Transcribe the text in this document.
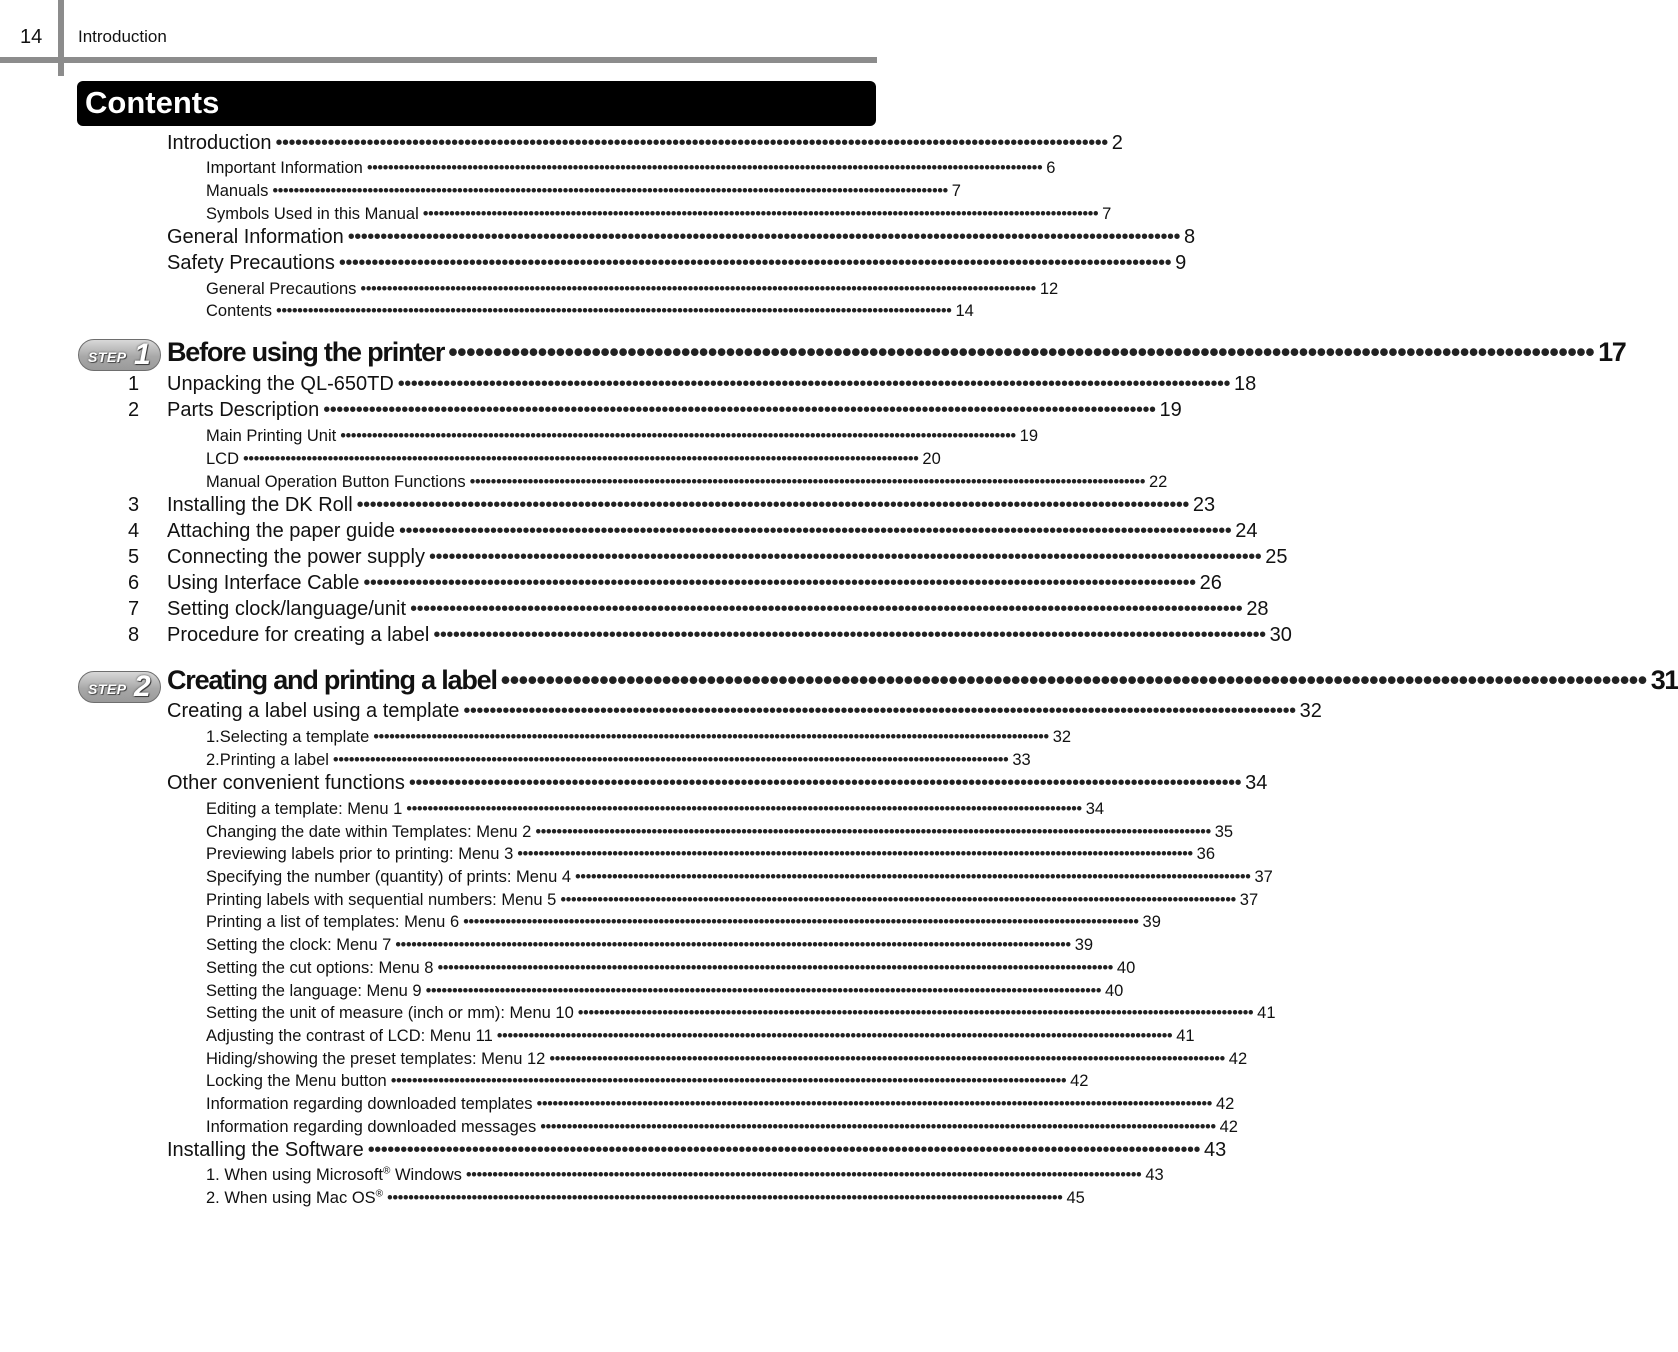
14 Introduction
Contents
Introduction •••••••••••••••••••••••••••••••••••••••••••••••••••••••••••••••••••••••••••••••••••••••••••••••••••••••••••••••••••••••••••••••• 2
Important Information •••••••••••••••••••••••••••••••••••••••••••••••••••••••••••••••••••••••••••••••••••••••••••••••••••••••••••••••••••••••••••••••• 6
Manuals •••••••••••••••••••••••••••••••••••••••••••••••••••••••••••••••••••••••••••••••••••••••••••••••••••••••••••••••••••••••••••••••• 7
Symbols Used in this Manual •••••••••••••••••••••••••••••••••••••••••••••••••••••••••••••••••••••••••••••••••••••••••••••••••••••••••••••••••••••••••••••••• 7
General Information •••••••••••••••••••••••••••••••••••••••••••••••••••••••••••••••••••••••••••••••••••••••••••••••••••••••••••••••••••••••••••••••• 8
Safety Precautions •••••••••••••••••••••••••••••••••••••••••••••••••••••••••••••••••••••••••••••••••••••••••••••••••••••••••••••••••••••••••••••••• 9
General Precautions •••••••••••••••••••••••••••••••••••••••••••••••••••••••••••••••••••••••••••••••••••••••••••••••••••••••••••••••••••••••••••••••• 12
Contents •••••••••••••••••••••••••••••••••••••••••••••••••••••••••••••••••••••••••••••••••••••••••••••••••••••••••••••••••••••••••••••••• 14
STEP 1 Before using the printer •••••••••••••••••••••••••••••••••••••••••••••••••••••••••••••••••••••••••••••••••••••••••••••••••••••••••••••••••••••••••••••••• 17
1 Unpacking the QL-650TD •••••••••••••••••••••••••••••••••••••••••••••••••••••••••••••••••••••••••••••••••••••••••••••••••••••••••••••••••••••••••••••••• 18
2 Parts Description •••••••••••••••••••••••••••••••••••••••••••••••••••••••••••••••••••••••••••••••••••••••••••••••••••••••••••••••••••••••••••••••• 19
Main Printing Unit •••••••••••••••••••••••••••••••••••••••••••••••••••••••••••••••••••••••••••••••••••••••••••••••••••••••••••••••••••••••••••••••• 19
LCD •••••••••••••••••••••••••••••••••••••••••••••••••••••••••••••••••••••••••••••••••••••••••••••••••••••••••••••••••••••••••••••••• 20
Manual Operation Button Functions •••••••••••••••••••••••••••••••••••••••••••••••••••••••••••••••••••••••••••••••••••••••••••••••••••••••••••••••••••••••••••••••• 22
3 Installing the DK Roll •••••••••••••••••••••••••••••••••••••••••••••••••••••••••••••••••••••••••••••••••••••••••••••••••••••••••••••••••••••••••••••••• 23
4 Attaching the paper guide •••••••••••••••••••••••••••••••••••••••••••••••••••••••••••••••••••••••••••••••••••••••••••••••••••••••••••••••••••••••••••••••• 24
5 Connecting the power supply •••••••••••••••••••••••••••••••••••••••••••••••••••••••••••••••••••••••••••••••••••••••••••••••••••••••••••••••••••••••••••••••• 25
6 Using Interface Cable •••••••••••••••••••••••••••••••••••••••••••••••••••••••••••••••••••••••••••••••••••••••••••••••••••••••••••••••••••••••••••••••• 26
7 Setting clock/language/unit •••••••••••••••••••••••••••••••••••••••••••••••••••••••••••••••••••••••••••••••••••••••••••••••••••••••••••••••••••••••••••••••• 28
8 Procedure for creating a label •••••••••••••••••••••••••••••••••••••••••••••••••••••••••••••••••••••••••••••••••••••••••••••••••••••••••••••••••••••••••••••••• 30
STEP 2 Creating and printing a label •••••••••••••••••••••••••••••••••••••••••••••••••••••••••••••••••••••••••••••••••••••••••••••••••••••••••••••••••••••••••••••••• 31
Creating a label using a template •••••••••••••••••••••••••••••••••••••••••••••••••••••••••••••••••••••••••••••••••••••••••••••••••••••••••••••••••••••••••••••••• 32
1.Selecting a template •••••••••••••••••••••••••••••••••••••••••••••••••••••••••••••••••••••••••••••••••••••••••••••••••••••••••••••••••••••••••••••••• 32
2.Printing a label •••••••••••••••••••••••••••••••••••••••••••••••••••••••••••••••••••••••••••••••••••••••••••••••••••••••••••••••••••••••••••••••• 33
Other convenient functions •••••••••••••••••••••••••••••••••••••••••••••••••••••••••••••••••••••••••••••••••••••••••••••••••••••••••••••••••••••••••••••••• 34
Editing a template: Menu 1 •••••••••••••••••••••••••••••••••••••••••••••••••••••••••••••••••••••••••••••••••••••••••••••••••••••••••••••••••••••••••••••••• 34
Changing the date within Templates: Menu 2 •••••••••••••••••••••••••••••••••••••••••••••••••••••••••••••••••••••••••••••••••••••••••••••••••••••••••••••••••••••••••••••••• 35
Previewing labels prior to printing: Menu 3 •••••••••••••••••••••••••••••••••••••••••••••••••••••••••••••••••••••••••••••••••••••••••••••••••••••••••••••••••••••••••••••••• 36
Specifying the number (quantity) of prints: Menu 4 •••••••••••••••••••••••••••••••••••••••••••••••••••••••••••••••••••••••••••••••••••••••••••••••••••••••••••••••••••••••••••••••• 37
Printing labels with sequential numbers: Menu 5 •••••••••••••••••••••••••••••••••••••••••••••••••••••••••••••••••••••••••••••••••••••••••••••••••••••••••••••••••••••••••••••••• 37
Printing a list of templates: Menu 6 •••••••••••••••••••••••••••••••••••••••••••••••••••••••••••••••••••••••••••••••••••••••••••••••••••••••••••••••••••••••••••••••• 39
Setting the clock: Menu 7 •••••••••••••••••••••••••••••••••••••••••••••••••••••••••••••••••••••••••••••••••••••••••••••••••••••••••••••••••••••••••••••••• 39
Setting the cut options: Menu 8 •••••••••••••••••••••••••••••••••••••••••••••••••••••••••••••••••••••••••••••••••••••••••••••••••••••••••••••••••••••••••••••••• 40
Setting the language: Menu 9 •••••••••••••••••••••••••••••••••••••••••••••••••••••••••••••••••••••••••••••••••••••••••••••••••••••••••••••••••••••••••••••••• 40
Setting the unit of measure (inch or mm): Menu 10 •••••••••••••••••••••••••••••••••••••••••••••••••••••••••••••••••••••••••••••••••••••••••••••••••••••••••••••••••••••••••••••••• 41
Adjusting the contrast of LCD: Menu 11 •••••••••••••••••••••••••••••••••••••••••••••••••••••••••••••••••••••••••••••••••••••••••••••••••••••••••••••••••••••••••••••••• 41
Hiding/showing the preset templates: Menu 12 •••••••••••••••••••••••••••••••••••••••••••••••••••••••••••••••••••••••••••••••••••••••••••••••••••••••••••••••••••••••••••••••• 42
Locking the Menu button •••••••••••••••••••••••••••••••••••••••••••••••••••••••••••••••••••••••••••••••••••••••••••••••••••••••••••••••••••••••••••••••• 42
Information regarding downloaded templates •••••••••••••••••••••••••••••••••••••••••••••••••••••••••••••••••••••••••••••••••••••••••••••••••••••••••••••••••••••••••••••••• 42
Information regarding downloaded messages •••••••••••••••••••••••••••••••••••••••••••••••••••••••••••••••••••••••••••••••••••••••••••••••••••••••••••••••••••••••••••••••• 42
Installing the Software •••••••••••••••••••••••••••••••••••••••••••••••••••••••••••••••••••••••••••••••••••••••••••••••••••••••••••••••••••••••••••••••• 43
1. When using Microsoft® Windows •••••••••••••••••••••••••••••••••••••••••••••••••••••••••••••••••••••••••••••••••••••••••••••••••••••••••••••••••••••••••••••••• 43
2. When using Mac OS® •••••••••••••••••••••••••••••••••••••••••••••••••••••••••••••••••••••••••••••••••••••••••••••••••••••••••••••••••••••••••••••••• 45
